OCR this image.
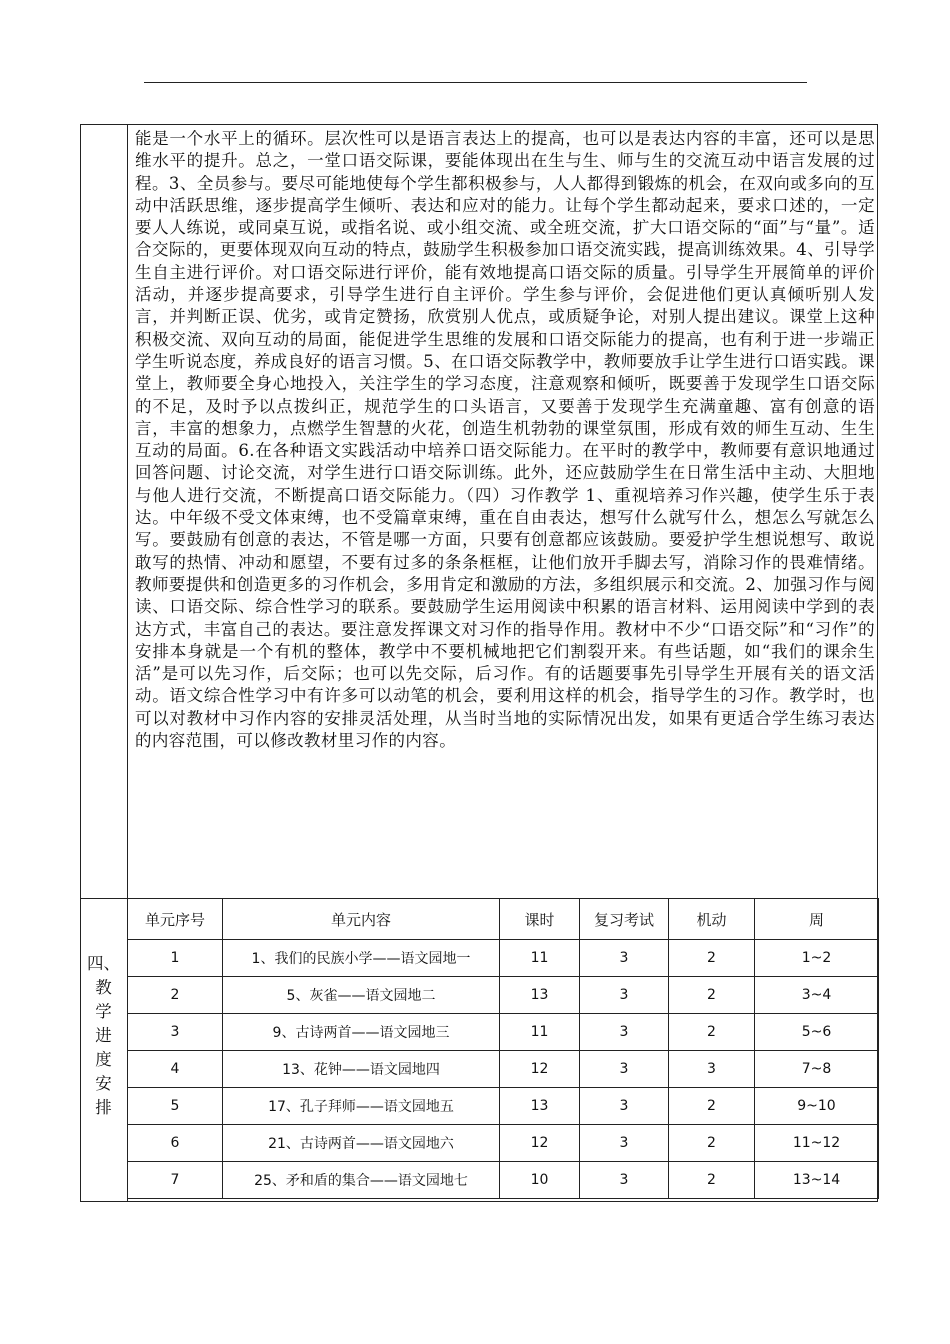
能是一个水平上的循环。层次性可以是语言表达上的提高，也可以是表达内容的丰富，还可以是思维水平的提升。总之，一堂口语交际课，要能体现出在生与生、师与生的交流互动中语言发展的过程。3、全员参与。要尽可能地使每个学生都积极参与，人人都得到锻炼的机会，在双向或多向的互动中活跃思维，逐步提高学生倾听、表达和应对的能力。让每个学生都动起来，要求口述的，一定要人人练说，或同桌互说，或指名说、或小组交流、或全班交流，扩大口语交际的“面”与“量”。适合交际的，更要体现双向互动的特点，鼓励学生积极参加口语交流实践，提高训练效果。4、引导学生自主进行评价。对口语交际进行评价，能有效地提高口语交际的质量。引导学生开展简单的评价活动，并逐步提高要求，引导学生进行自主评价。学生参与评价，会促进他们更认真倾听别人发言，并判断正误、优劣，或肯定赞扬，欣赏别人优点，或质疑争论，对别人提出建议。课堂上这种积极交流、双向互动的局面，能促进学生思维的发展和口语交际能力的提高，也有利于进一步端正学生听说态度，养成良好的语言习惯。5、在口语交际教学中，教师要放手让学生进行口语实践。课堂上，教师要全身心地投入，关注学生的学习态度，注意观察和倾听，既要善于发现学生口语交际的不足，及时予以点拨纠正，规范学生的口头语言，又要善于发现学生充满童趣、富有创意的语言，丰富的想象力，点燃学生智慧的火花，创造生机勃勃的课堂氛围，形成有效的师生互动、生生互动的局面。6.在各种语文实践活动中培养口语交际能力。在平时的教学中，教师要有意识地通过回答问题、讨论交流，对学生进行口语交际训练。此外，还应鼓励学生在日常生活中主动、大胆地与他人进行交流，不断提高口语交际能力。（四）习作教学 1、重视培养习作兴趣，使学生乐于表达。中年级不受文体束缚，也不受篇章束缚，重在自由表达，想写什么就写什么，想怎么写就怎么写。要鼓励有创意的表达，不管是哪一方面，只要有创意都应该鼓励。要爱护学生想说想写、敢说敢写的热情、冲动和愿望，不要有过多的条条框框，让他们放开手脚去写，消除习作的畏难情绪。教师要提供和创造更多的习作机会，多用肯定和激励的方法，多组织展示和交流。2、加强习作与阅读、口语交际、综合性学习的联系。要鼓励学生运用阅读中积累的语言材料、运用阅读中学到的表达方式，丰富自己的表达。要注意发挥课文对习作的指导作用。教材中不少“口语交际”和“习作”的安排本身就是一个有机的整体，教学中不要机械地把它们割裂开来。有些话题，如“我们的课余生活”是可以先习作，后交际；也可以先交际，后习作。有的话题要事先引导学生开展有关的语文活动。语文综合性学习中有许多可以动笔的机会，要利用这样的机会，指导学生的习作。教学时，也可以对教材中习作内容的安排灵活处理，从当时当地的实际情况出发，如果有更适合学生练习表达的内容范围，可以修改教材里习作的内容。
四、
教
学
进
度
安
排
单元序号	单元内容	课时	复习考试	机动	周
1	1、我们的民族小学——语文园地一	11	3	2	1~2
2	5、灰雀——语文园地二	13	3	2	3~4
3	9、古诗两首——语文园地三	11	3	2	5~6
4	13、花钟——语文园地四	12	3	3	7~8
5	17、孔子拜师——语文园地五	13	3	2	9~10
6	21、古诗两首——语文园地六	12	3	2	11~12
7	25、矛和盾的集合——语文园地七	10	3	2	13~14
